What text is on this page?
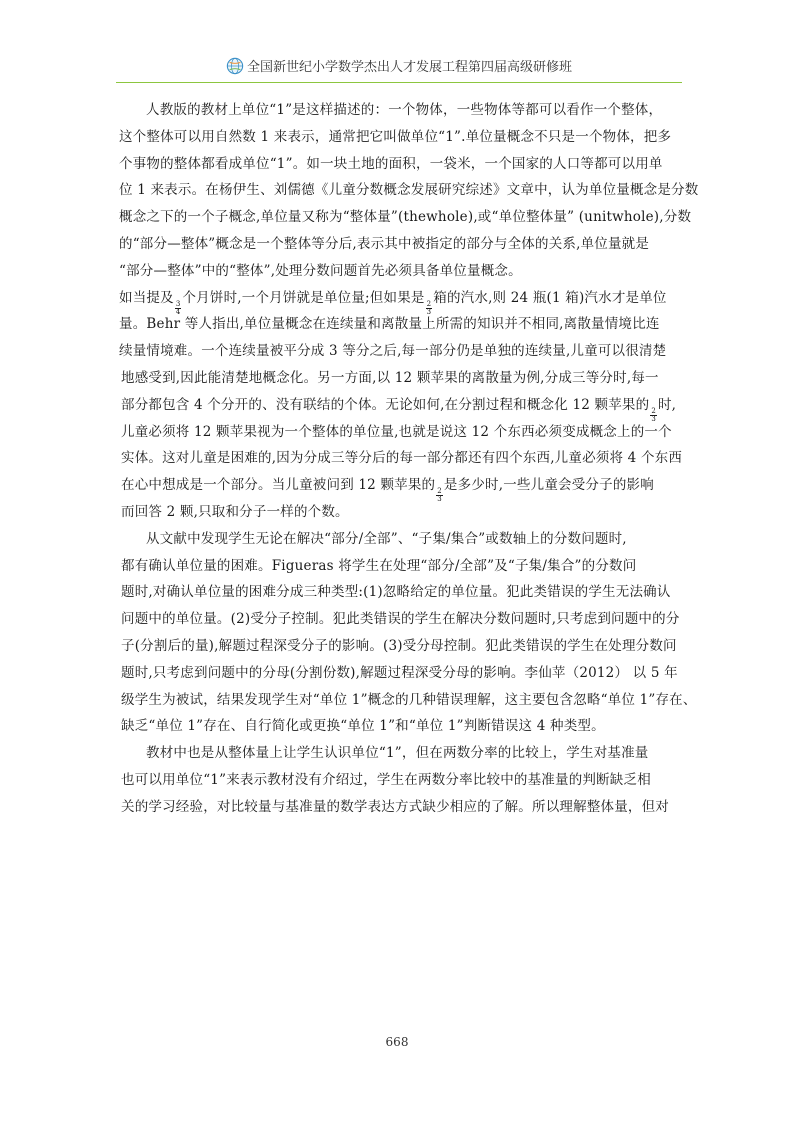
全国新世纪小学数学杰出人才发展工程第四届高级研修班
人教版的教材上单位“1”是这样描述的：一个物体，一些物体等都可以看作一个整体，
这个整体可以用自然数 1 来表示，通常把它叫做单位“1”.单位量概念不只是一个物体，把多
个事物的整体都看成单位“1”。如一块土地的面积，一袋米，一个国家的人口等都可以用单
位 1 来表示。在杨伊生、刘儒德《儿童分数概念发展研究综述》文章中，认为单位量概念是分数
概念之下的一个子概念,单位量又称为“整体量”(thewhole),或“单位整体量” (unitwhole),分数
的“部分—整体”概念是一个整体等分后,表示其中被指定的部分与全体的关系,单位量就是
“部分—整体”中的“整体”,处理分数问题首先必须具备单位量概念。
如当提及
$\frac{3}{4}$
个月饼时,一个月饼就是单位量;但如果是
$\frac{2}{3}$
箱的汽水,则 24 瓶(1 箱)汽水才是单位
量。Behr 等人指出,单位量概念在连续量和离散量上所需的知识并不相同,离散量情境比连
续量情境难。一个连续量被平分成 3 等分之后,每一部分仍是单独的连续量,儿童可以很清楚
地感受到,因此能清楚地概念化。另一方面,以 12 颗苹果的离散量为例,分成三等分时,每一
部分都包含 4 个分开的、没有联结的个体。无论如何,在分割过程和概念化 12 颗苹果的
$\frac{2}{3}$
时,
儿童必须将 12 颗苹果视为一个整体的单位量,也就是说这 12 个东西必须变成概念上的一个
实体。这对儿童是困难的,因为分成三等分后的每一部分都还有四个东西,儿童必须将 4 个东西
在心中想成是一个部分。当儿童被问到 12 颗苹果的
$\frac{2}{3}$
是多少时,一些儿童会受分子的影响
而回答 2 颗,只取和分子一样的个数。
从文献中发现学生无论在解决“部分/全部”、“子集/集合”或数轴上的分数问题时,
都有确认单位量的困难。Figueras 将学生在处理“部分/全部”及“子集/集合”的分数问
题时,对确认单位量的困难分成三种类型:(1)忽略给定的单位量。犯此类错误的学生无法确认
问题中的单位量。(2)受分子控制。犯此类错误的学生在解决分数问题时,只考虑到问题中的分
子(分割后的量),解题过程深受分子的影响。(3)受分母控制。犯此类错误的学生在处理分数问
题时,只考虑到问题中的分母(分割份数),解题过程深受分母的影响。李仙苹（2012） 以 5 年
级学生为被试，结果发现学生对“单位 1”概念的几种错误理解，这主要包含忽略“单位 1”存在、
缺乏“单位 1”存在、自行简化或更换“单位 1”和“单位 1”判断错误这 4 种类型。
教材中也是从整体量上让学生认识单位“1”，但在两数分率的比较上，学生对基准量
也可以用单位“1”来表示教材没有介绍过，学生在两数分率比较中的基准量的判断缺乏相
关的学习经验，对比较量与基准量的数学表达方式缺少相应的了解。所以理解整体量，但对
668
